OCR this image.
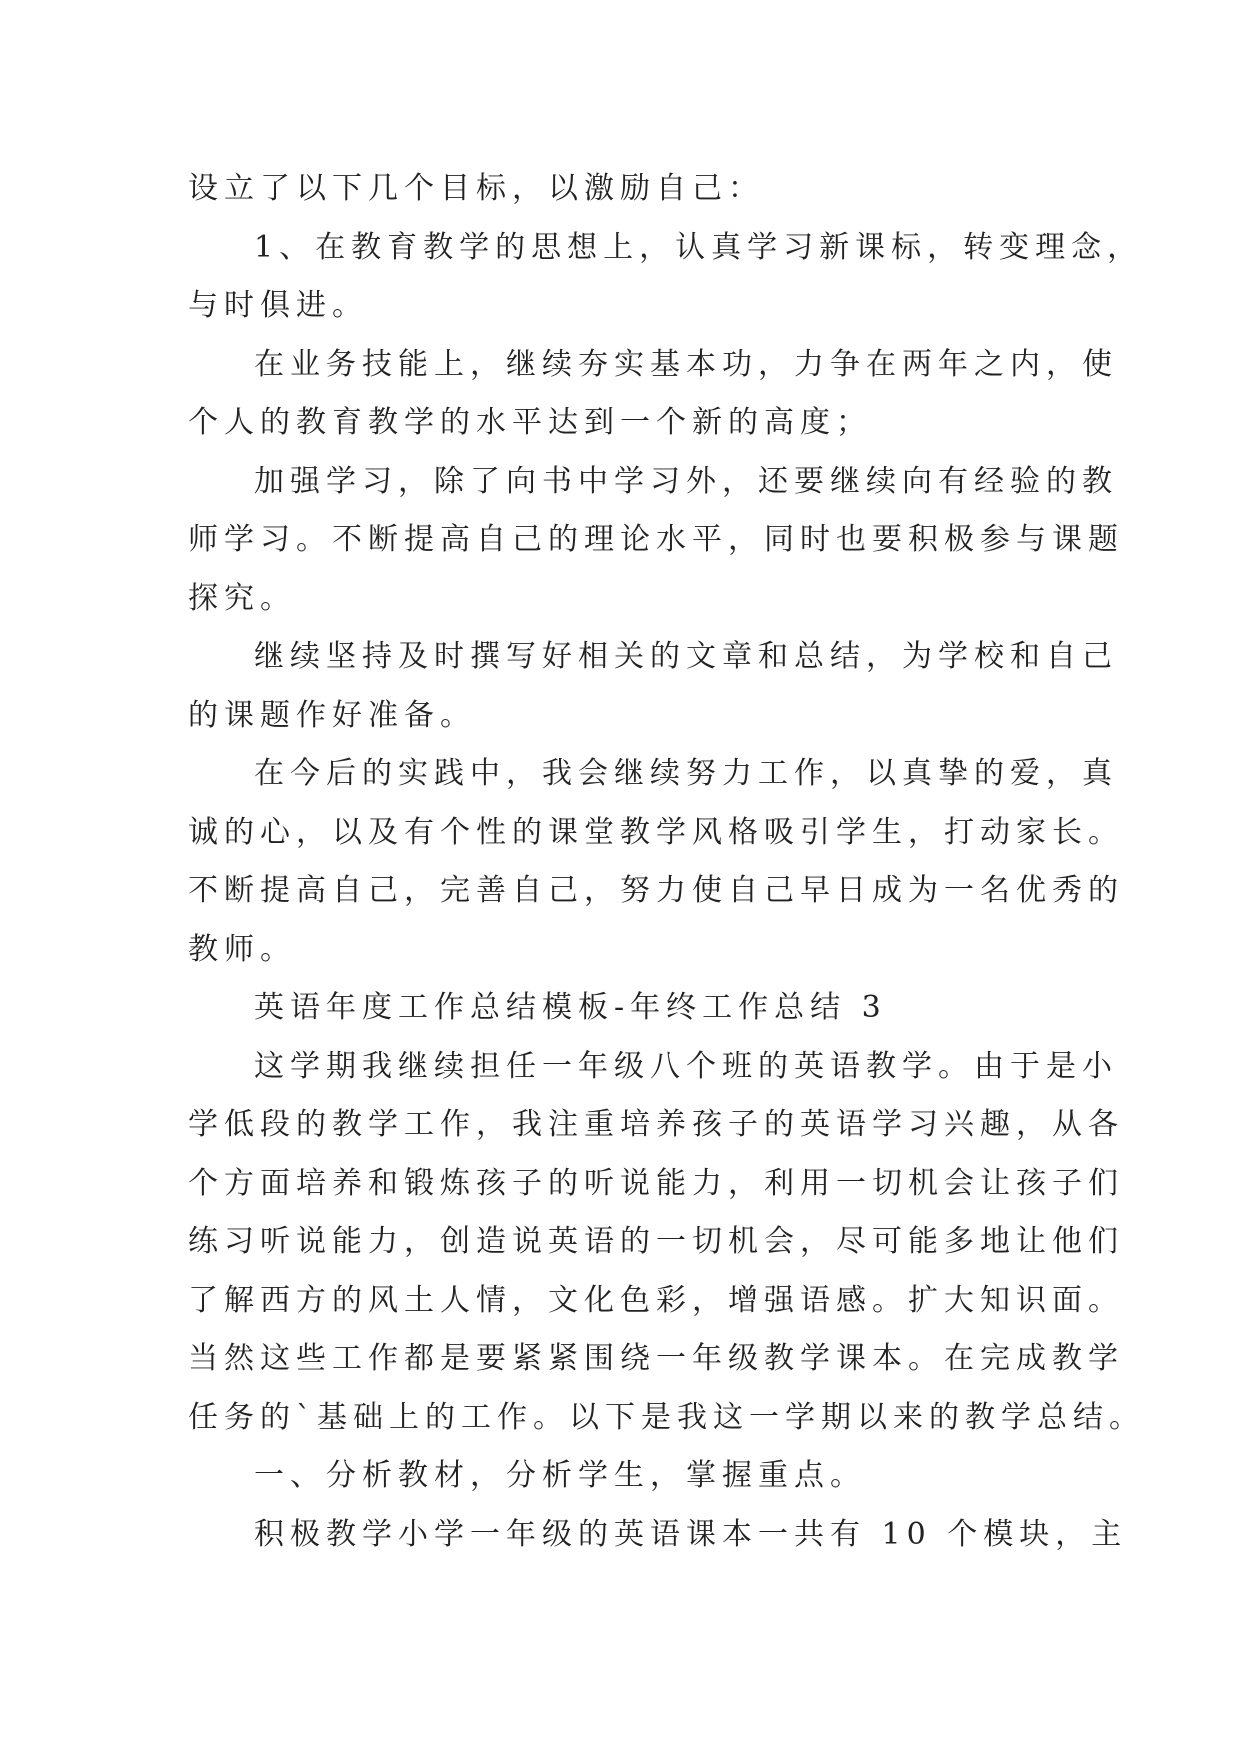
设立了以下几个目标，以激励自己：
1、在教育教学的思想上，认真学习新课标，转变理念，
与时俱进。
在业务技能上，继续夯实基本功，力争在两年之内，使
个人的教育教学的水平达到一个新的高度；
加强学习，除了向书中学习外，还要继续向有经验的教
师学习。不断提高自己的理论水平，同时也要积极参与课题
探究。
继续坚持及时撰写好相关的文章和总结，为学校和自己
的课题作好准备。
在今后的实践中，我会继续努力工作，以真挚的爱，真
诚的心，以及有个性的课堂教学风格吸引学生，打动家长。
不断提高自己，完善自己，努力使自己早日成为一名优秀的
教师。
英语年度工作总结模板-年终工作总结 3
这学期我继续担任一年级八个班的英语教学。由于是小
学低段的教学工作，我注重培养孩子的英语学习兴趣，从各
个方面培养和锻炼孩子的听说能力，利用一切机会让孩子们
练习听说能力，创造说英语的一切机会，尽可能多地让他们
了解西方的风土人情，文化色彩，增强语感。扩大知识面。
当然这些工作都是要紧紧围绕一年级教学课本。在完成教学
任务的`基础上的工作。以下是我这一学期以来的教学总结。
一、分析教材，分析学生，掌握重点。
积极教学小学一年级的英语课本一共有 10 个模块，主
